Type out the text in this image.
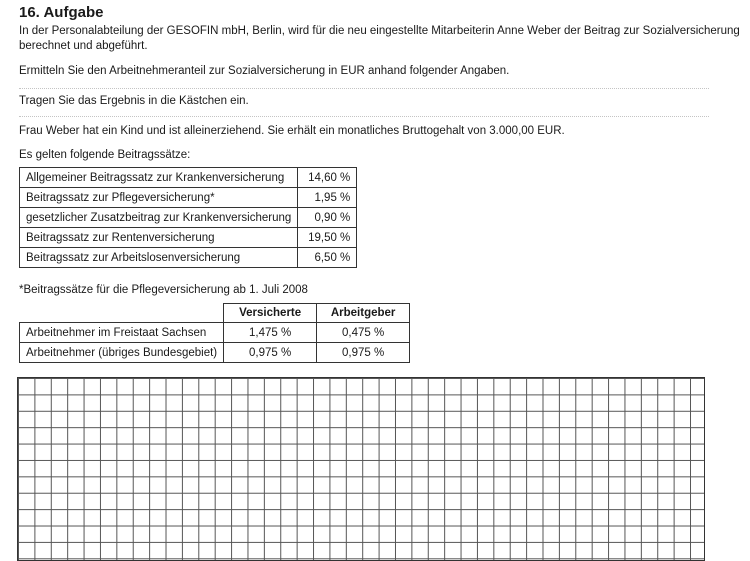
16. Aufgabe
In der Personalabteilung der GESOFIN mbH, Berlin, wird für die neu eingestellte Mitarbeiterin Anne Weber der Beitrag zur Sozialversicherung
berechnet und abgeführt.
Ermitteln Sie den Arbeitnehmeranteil zur Sozialversicherung in EUR anhand folgender Angaben.
Tragen Sie das Ergebnis in die Kästchen ein.
Frau Weber hat ein Kind und ist alleinerziehend. Sie erhält ein monatliches Bruttogehalt von 3.000,00 EUR.
Es gelten folgende Beitragssätze:
Allgemeiner Beitragssatz zur Krankenversicherung	14,60 %
Beitragssatz zur Pflegeversicherung*	1,95 %
gesetzlicher Zusatzbeitrag zur Krankenversicherung	0,90 %
Beitragssatz zur Rentenversicherung	19,50 %
Beitragssatz zur Arbeitslosenversicherung	6,50 %
*Beitragssätze für die Pflegeversicherung ab 1. Juli 2008
	Versicherte	Arbeitgeber
Arbeitnehmer im Freistaat Sachsen	1,475 %	0,475 %
Arbeitnehmer (übriges Bundesgebiet)	0,975 %	0,975 %
